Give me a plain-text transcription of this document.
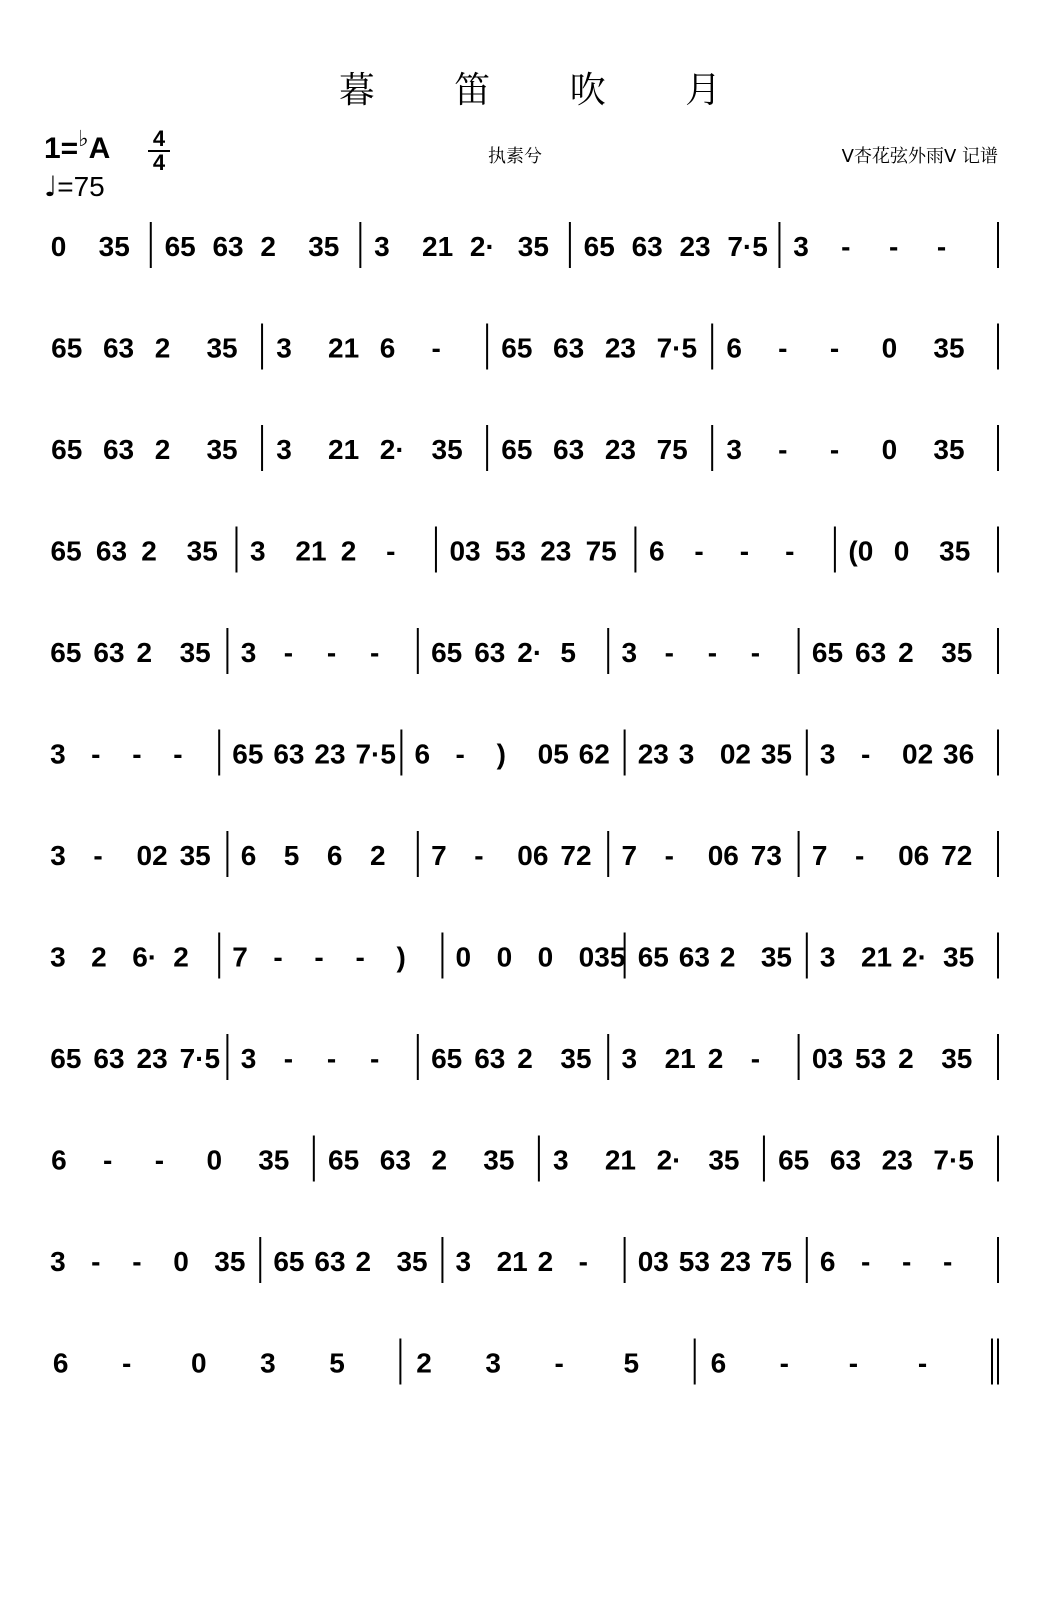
暮 笛 吹 月
1=♭A	4
4
♩=75
执素兮	V杏花弦外雨V 记谱
0 35 65 63 2 35 3 21 2· 35 65 63 23 7·5 3 - - -
65 63 2 35 3 21 6 - 65 63 23 7·5 6 - - 0 35
65 63 2 35 3 21 2· 35 65 63 23 75 3 - - 0 35
65 63 2 35 3 21 2 - 03 53 23 75 6 - - - (0 0 35
65 63 2 35 3 - - - 65 63 2· 5 3 - - - 65 63 2 35
3 - - - 65 63 23 7·5 6 - ) 05 62 23 3 02 35 3 - 02 36
3 - 02 35 6 5 6 2 7 - 06 72 7 - 06 73 7 - 06 72
3 2 6· 2 7 - - - ) 0 0 0 035 65 63 2 35 3 21 2· 35
65 63 23 7·5 3 - - - 65 63 2 35 3 21 2 - 03 53 2 35
6 - - 0 35 65 63 2 35 3 21 2· 35 65 63 23 7·5
3 - - 0 35 65 63 2 35 3 21 2 - 03 53 23 75 6 - - -
6 - 0 3 5	2 3 - 5	6 - - -
